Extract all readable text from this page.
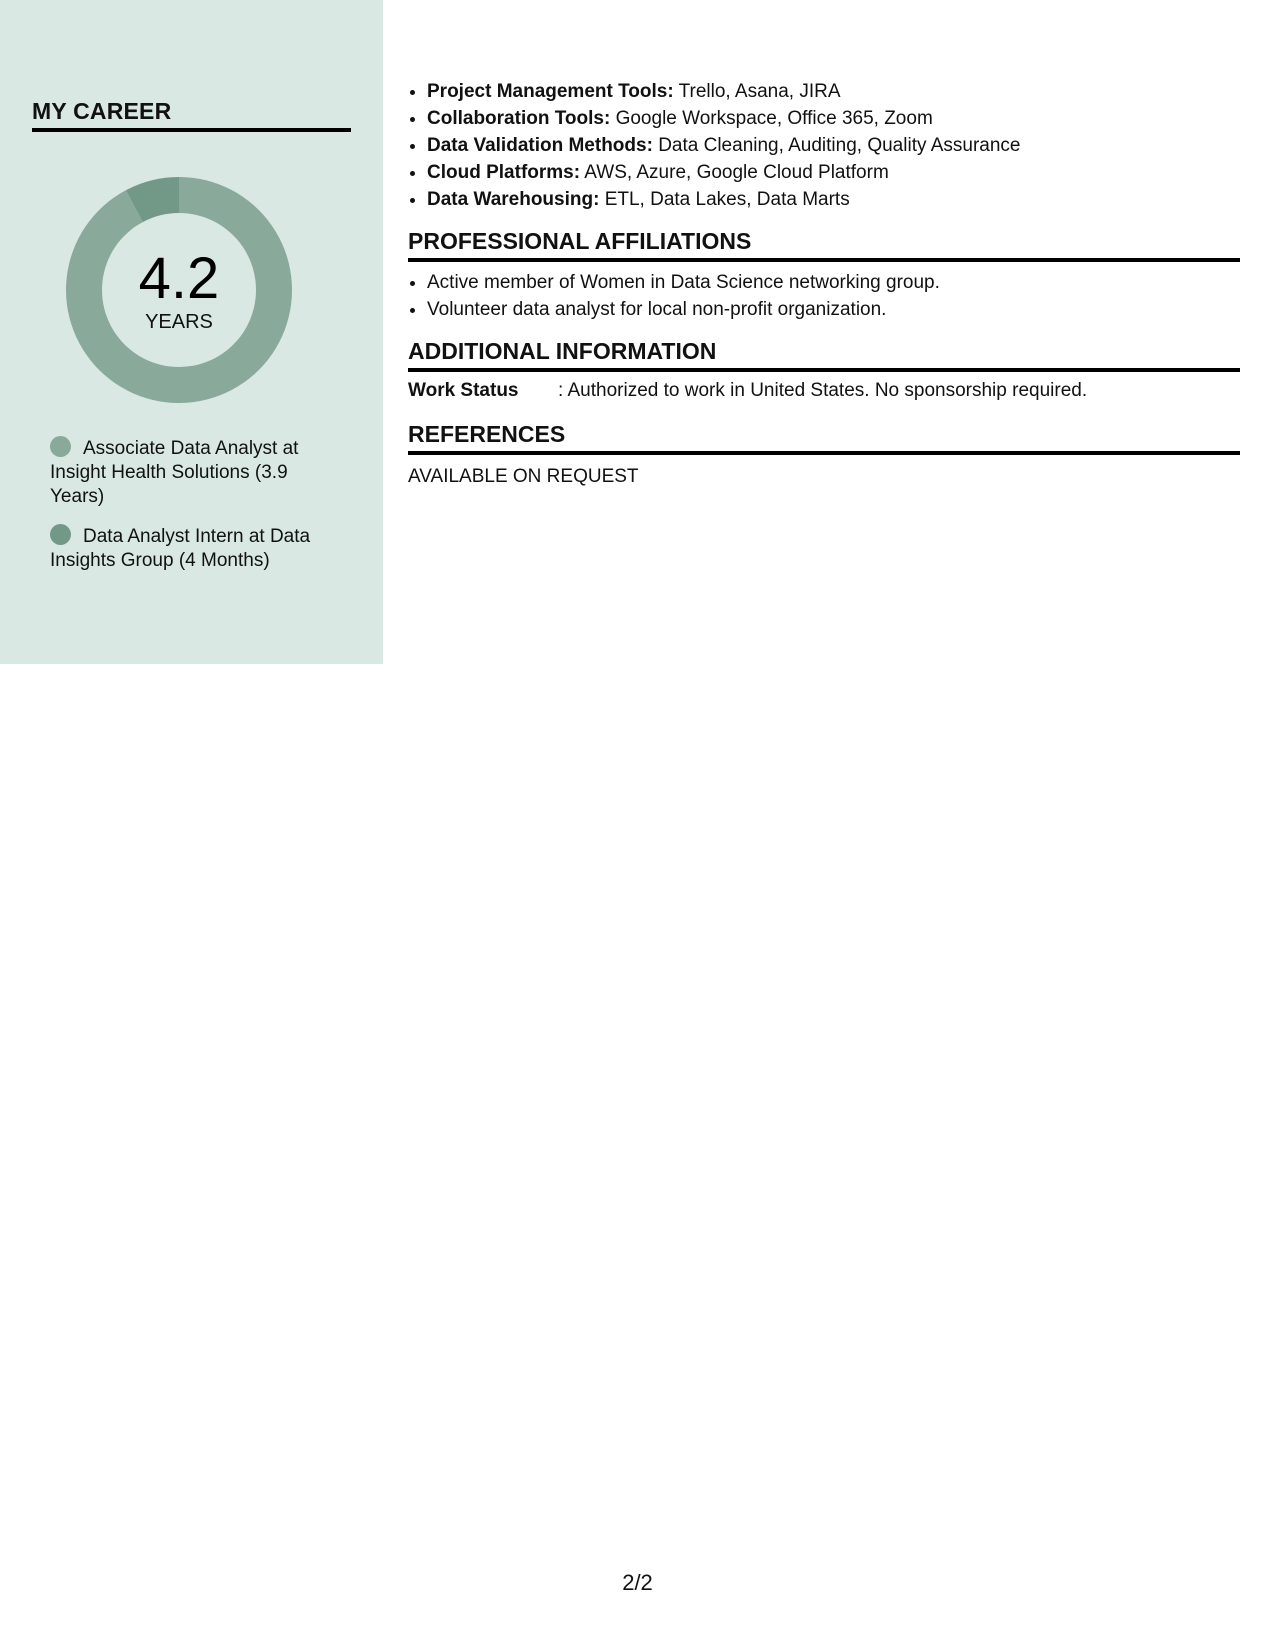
MY CAREER
4.2
YEARS
Associate Data Analyst at Insight Health Solutions (3.9 Years)
Data Analyst Intern at Data Insights Group (4 Months)
• Project Management Tools: Trello, Asana, JIRA
• Collaboration Tools: Google Workspace, Office 365, Zoom
• Data Validation Methods: Data Cleaning, Auditing, Quality Assurance
• Cloud Platforms: AWS, Azure, Google Cloud Platform
• Data Warehousing: ETL, Data Lakes, Data Marts
PROFESSIONAL AFFILIATIONS
• Active member of Women in Data Science networking group.
• Volunteer data analyst for local non-profit organization.
ADDITIONAL INFORMATION
Work Status	: Authorized to work in United States. No sponsorship required.
REFERENCES
AVAILABLE ON REQUEST
2/2
